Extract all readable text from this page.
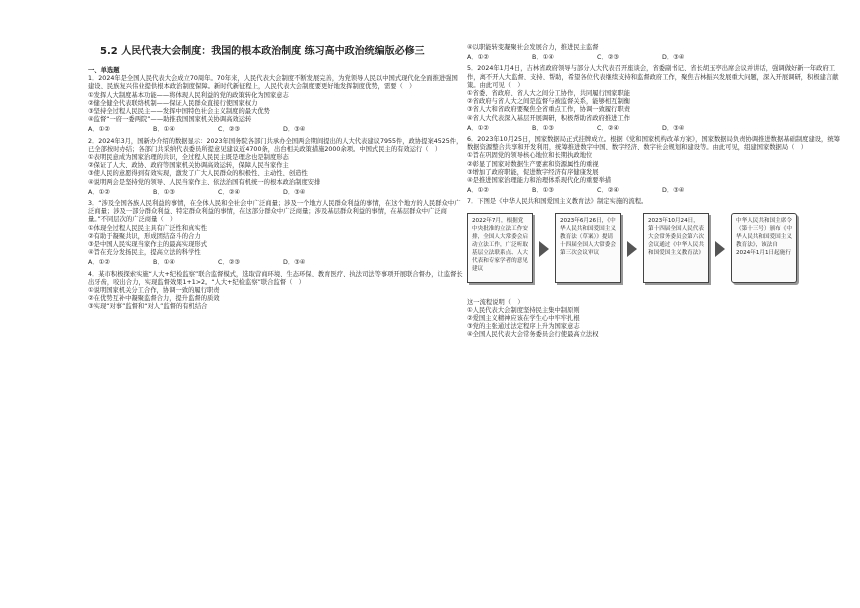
5.2 人民代表大会制度：我国的根本政治制度 练习高中政治统编版必修三
一、单选题

1．2024年是全国人民代表大会成立70周年。70年来，人民代表大会制度不断发展完善，为党领导人民以中国式现代化全面推进强国建设、民族复兴伟业提供根本政治制度保障。新时代新征程上，人民代表大会制度要更好地发挥制度优势，需要（　）

①发挥人大制度基本功能——将体现人民利益的党的政策转化为国家意志

②健全健全代表联络机制——保证人民群众直接行使国家权力

③坚持全过程人民民主——发挥中国特色社会主义制度的最大优势

④监督“一府一委两院”——助推我国国家机关协调高效运转

A．①②	B．①④	C．②③	D．③④

2．2024年3月，国新办介绍的数据显示：2023年国务院各部门共承办全国两会期间提出的人大代表建议7955件，政协提案4525件，已全部按时办结；各部门共采纳代表委员所提意见建议近4700条，出台相关政策措施2000余项。中国式民主的有效运行（　）

①表明民意成为国家治理的共识，全过程人民民主既是理念也是制度形态

②保证了人大、政协、政府等国家机关协调高效运转，保障人民当家作主

③使人民的意愿得到有效实现，激发了广大人民群众的积极性、主动性、创造性

④说明两会是坚持党的领导、人民当家作主、依法治国有机统一的根本政治制度安排

A．①②	B．①③	C．②④	D．③④

3．“涉及全国各族人民利益的事情，在全体人民和全社会中广泛商量；涉及一个地方人民群众利益的事情，在这个地方的人民群众中广泛商量；涉及一部分群众利益、特定群众利益的事情，在这部分群众中广泛商量；涉及基层群众利益的事情，在基层群众中广泛商量。”不同层次的广泛商量（　）

①体现全过程人民民主具有广泛性和真实性

②有助于凝聚共识，形成团结奋斗的合力

③是中国人民实现当家作主的最高实现形式

④旨在充分发扬民主，提高立法的科学性

A．①②	B．①④	C．②③	D．③④

4．某市积极探索实施“人大+纪检监察”联合监督模式，选取营商环境、生态环保、教育医疗、执法司法等事项开展联合督办，让监督长出牙齿，咬出合力，实现监督效果1+1>2。“人大+纪检监察”联合监督（　）

①说明国家机关分工合作，协调一致的履行职责

②在优势互补中凝聚监督合力，提升监督的质效

③实现“对事”监督和“对人”监督的有机结合

④以职能转变凝聚社会发展合力，推进民主监督

A．①②	B．①④	C．②③	D．③④

5．2024年1月4日，吉林省政府领导与部分人大代表召开座谈会，省委副书记、省长胡玉亭出席会议并讲话，强调做好新一年政府工作，离不开人大监督、支持、帮助，希望各位代表继续支持和监督政府工作，聚焦吉林振兴发展重大问题，深入开展调研，积极建言献策。由此可见（　）

①省委、省政府、省人大之间分工协作，共同履行国家职能

②省政府与省人大之间是监督与被监督关系，能够相互制衡

③省人大和省政府要聚焦全省重点工作，协调一致履行职责

④省人大代表深入基层开展调研，积极帮助省政府推进工作

A．①②	B．①③	C．②④	D．③④

6．2023年10月25日，国家数据局正式挂牌成立。根据《党和国家机构改革方案》，国家数据局负责协调推进数据基础制度建设，统筹数据资源整合共享和开发利用，统筹推进数字中国、数字经济、数字社会规划和建设等。由此可见，组建国家数据局（　）

①旨在巩固党的领导核心地位和长期执政地位

②彰显了国家对数据生产要素和资源属性的重视

③增加了政府职能，促进数字经济有序健康发展

④是推进国家治理能力和治理体系现代化的重要举措

A．①②	B．①③	C．②④	D．③④

7．下图是《中华人民共和国爱国主义教育法》制定实施的流程。

2022年7月，根据党中央批准的立法工作安排，全国人大常委会启动立法工作，广泛听取基层立法联系点、人大代表和专家学者的意见建议
2023年6月26日，《中华人民共和国爱国主义教育法（草案）》提请十四届全国人大常委会第三次会议审议
2023年10月24日，第十四届全国人民代表大会常务委员会第六次会议通过《中华人民共和国爱国主义教育法》
中华人民共和国主席令（第十三号）颁布《中华人民共和国爱国主义教育法》，该法自2024年1月1日起施行

这一流程说明（　）

①人民代表大会制度坚持民主集中制原则

②爱国主义精神应该在学生心中牢牢扎根

③党的主张通过法定程序上升为国家意志

④全国人民代表大会常务委员会行使最高立法权
